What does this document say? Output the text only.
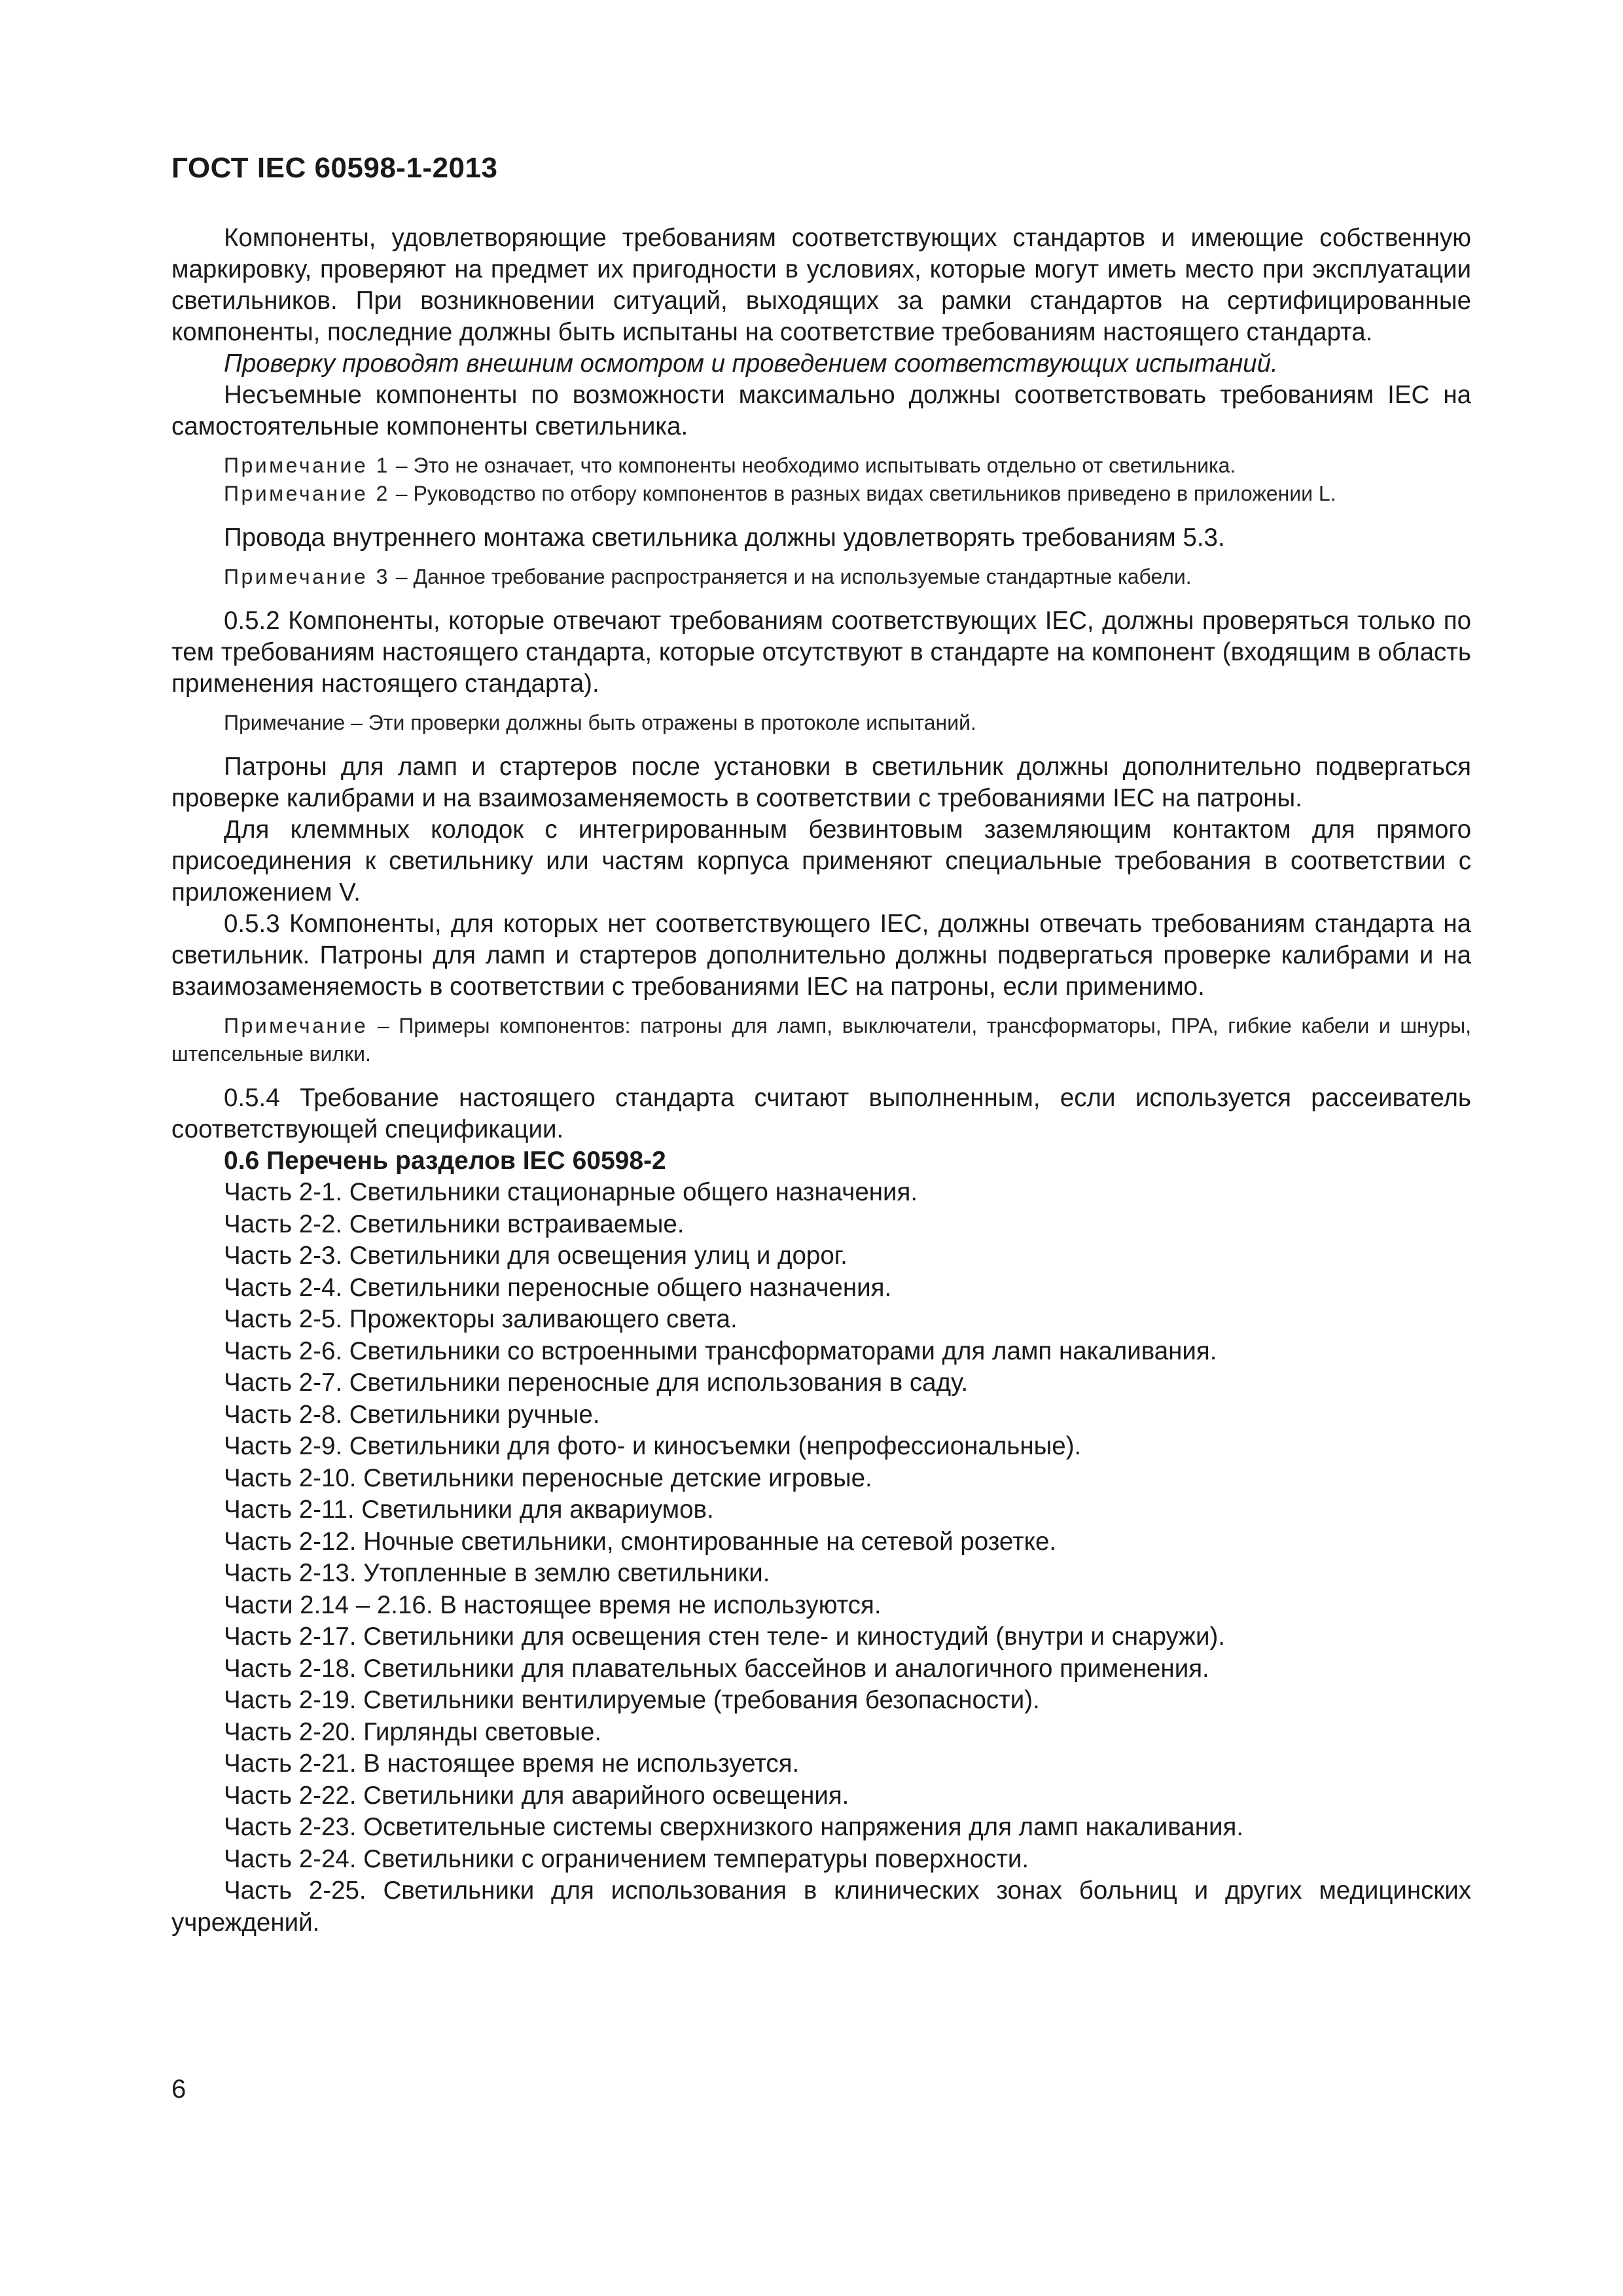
ГОСТ IEC 60598-1-2013

Компоненты, удовлетворяющие требованиям соответствующих стандартов и имеющие собственную маркировку, проверяют на предмет их пригодности в условиях, которые могут иметь место при эксплуатации светильников. При возникновении ситуаций, выходящих за рамки стандартов на сертифицированные компоненты, последние должны быть испытаны на соответствие требованиям настоящего стандарта.

Проверку проводят внешним осмотром и проведением соответствующих испытаний.

Несъемные компоненты по возможности максимально должны соответствовать требованиям IEC на самостоятельные компоненты светильника.

Примечание 1 – Это не означает, что компоненты необходимо испытывать отдельно от светильника.

Примечание 2 – Руководство по отбору компонентов в разных видах светильников приведено в приложении L.

Провода внутреннего монтажа светильника должны удовлетворять требованиям 5.3.

Примечание 3 – Данное требование распространяется и на используемые стандартные кабели.

0.5.2 Компоненты, которые отвечают требованиям соответствующих IEC, должны проверяться только по тем требованиям настоящего стандарта, которые отсутствуют в стандарте на компонент (входящим в область применения настоящего стандарта).

Примечание – Эти проверки должны быть отражены в протоколе испытаний.

Патроны для ламп и стартеров после установки в светильник должны дополнительно подвергаться проверке калибрами и на взаимозаменяемость в соответствии с требованиями IEC на патроны.

Для клеммных колодок с интегрированным безвинтовым заземляющим контактом для прямого присоединения к светильнику или частям корпуса применяют специальные требования в соответствии с приложением V.

0.5.3 Компоненты, для которых нет соответствующего IEC, должны отвечать требованиям стандарта на светильник. Патроны для ламп и стартеров дополнительно должны подвергаться проверке калибрами и на взаимозаменяемость в соответствии с требованиями IEC на патроны, если применимо.

Примечание – Примеры компонентов: патроны для ламп, выключатели, трансформаторы, ПРА, гибкие кабели и шнуры, штепсельные вилки.

0.5.4 Требование настоящего стандарта считают выполненным, если используется рассеиватель соответствующей спецификации.

0.6 Перечень разделов IEC 60598-2

Часть 2-1. Светильники стационарные общего назначения.
Часть 2-2. Светильники встраиваемые.
Часть 2-3. Светильники для освещения улиц и дорог.
Часть 2-4. Светильники переносные общего назначения.
Часть 2-5. Прожекторы заливающего света.
Часть 2-6. Светильники со встроенными трансформаторами для ламп накаливания.
Часть 2-7. Светильники переносные для использования в саду.
Часть 2-8. Светильники ручные.
Часть 2-9. Светильники для фото- и киносъемки (непрофессиональные).
Часть 2-10. Светильники переносные детские игровые.
Часть 2-11. Светильники для аквариумов.
Часть 2-12. Ночные светильники, смонтированные на сетевой розетке.
Часть 2-13. Утопленные в землю светильники.
Части 2.14 – 2.16. В настоящее время не используются.
Часть 2-17. Светильники для освещения стен теле- и киностудий (внутри и снаружи).
Часть 2-18. Светильники для плавательных бассейнов и аналогичного применения.
Часть 2-19. Светильники вентилируемые (требования безопасности).
Часть 2-20. Гирлянды световые.
Часть 2-21. В настоящее время не используется.
Часть 2-22. Светильники для аварийного освещения.
Часть 2-23. Осветительные системы сверхнизкого напряжения для ламп накаливания.
Часть 2-24. Светильники с ограничением температуры поверхности.
Часть 2-25. Светильники для использования в клинических зонах больниц и других медицинских учреждений.
6
